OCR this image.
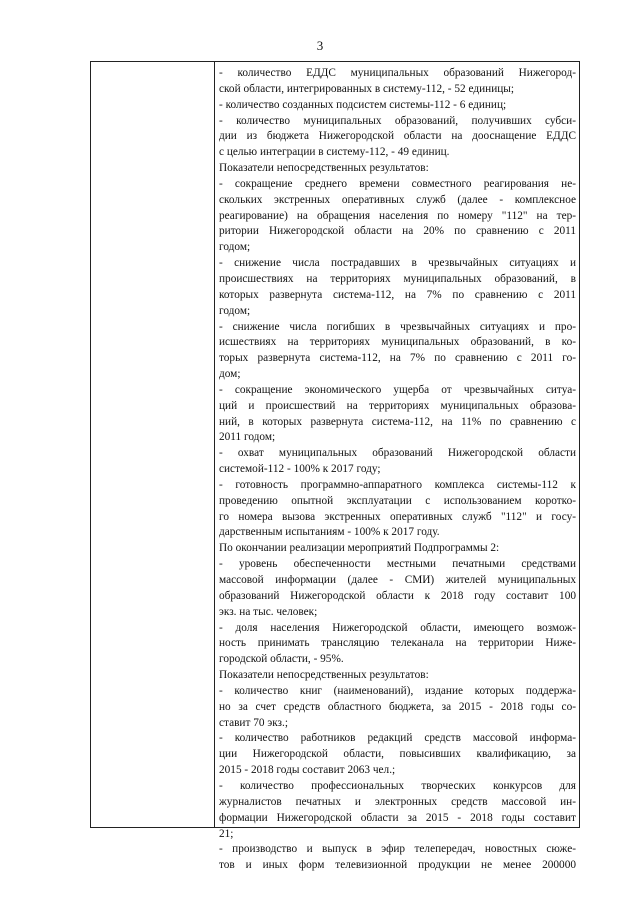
3
- количество ЕДДС муниципальных образований Нижегород-
ской области, интегрированных в систему-112, - 52 единицы;
- количество созданных подсистем системы-112 - 6 единиц;
- количество муниципальных образований, получивших субси-
дии из бюджета Нижегородской области на дооснащение ЕДДС
с целью интеграции в систему-112, - 49 единиц.
Показатели непосредственных результатов:
- сокращение среднего времени совместного реагирования не-
скольких экстренных оперативных служб (далее - комплексное
реагирование) на обращения населения по номеру "112" на тер-
ритории Нижегородской области на 20% по сравнению с 2011
годом;
- снижение числа пострадавших в чрезвычайных ситуациях и
происшествиях на территориях муниципальных образований, в
которых развернута система-112, на 7% по сравнению с 2011
годом;
- снижение числа погибших в чрезвычайных ситуациях и про-
исшествиях на территориях муниципальных образований, в ко-
торых развернута система-112, на 7% по сравнению с 2011 го-
дом;
- сокращение экономического ущерба от чрезвычайных ситуа-
ций и происшествий на территориях муниципальных образова-
ний, в которых развернута система-112, на 11% по сравнению с
2011 годом;
- охват муниципальных образований Нижегородской области
системой-112 - 100% к 2017 году;
- готовность программно-аппаратного комплекса системы-112 к
проведению опытной эксплуатации с использованием коротко-
го номера вызова экстренных оперативных служб "112" и госу-
дарственным испытаниям - 100% к 2017 году.
По окончании реализации мероприятий Подпрограммы 2:
- уровень обеспеченности местными печатными средствами
массовой информации (далее - СМИ) жителей муниципальных
образований Нижегородской области к 2018 году составит 100
экз. на тыс. человек;
- доля населения Нижегородской области, имеющего возмож-
ность принимать трансляцию телеканала на территории Ниже-
городской области, - 95%.
Показатели непосредственных результатов:
- количество книг (наименований), издание которых поддержа-
но за счет средств областного бюджета, за 2015 - 2018 годы со-
ставит 70 экз.;
- количество работников редакций средств массовой информа-
ции Нижегородской области, повысивших квалификацию, за
2015 - 2018 годы составит 2063 чел.;
- количество профессиональных творческих конкурсов для
журналистов печатных и электронных средств массовой ин-
формации Нижегородской области за 2015 - 2018 годы составит
21;
- производство и выпуск в эфир телепередач, новостных сюже-
тов и иных форм телевизионной продукции не менее 200000
